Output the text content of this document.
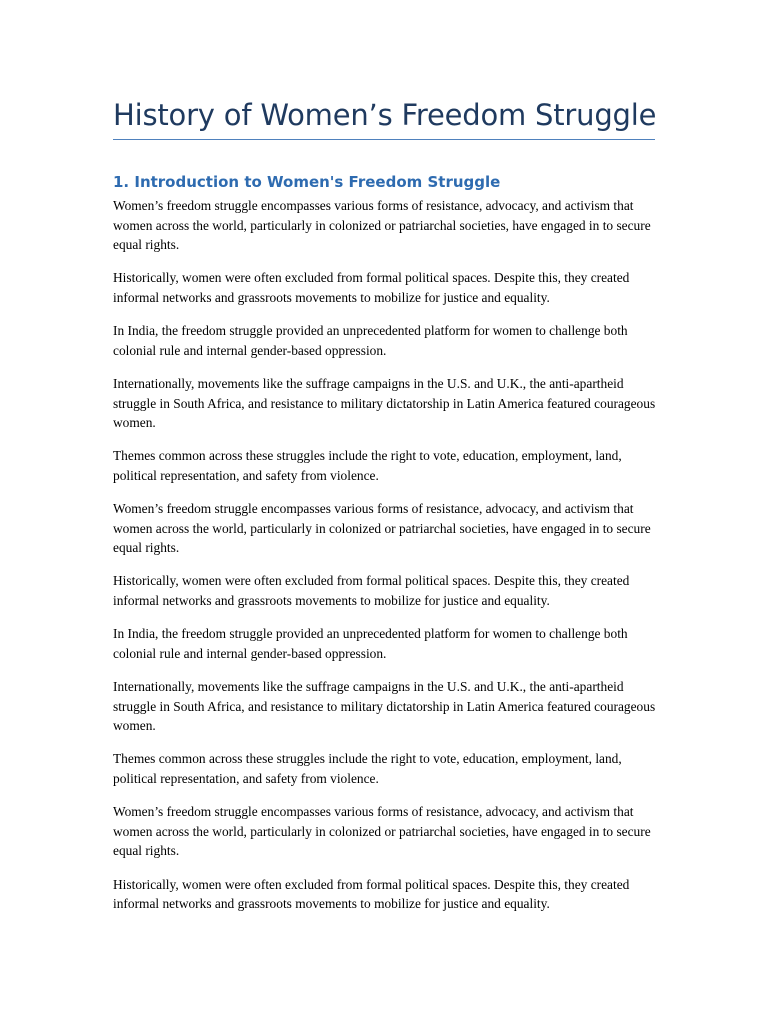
History of Women’s Freedom Struggle
1. Introduction to Women's Freedom Struggle

Women’s freedom struggle encompasses various forms of resistance, advocacy, and activism that women across the world, particularly in colonized or patriarchal societies, have engaged in to secure equal rights.

Historically, women were often excluded from formal political spaces. Despite this, they created informal networks and grassroots movements to mobilize for justice and equality.

In India, the freedom struggle provided an unprecedented platform for women to challenge both colonial rule and internal gender-based oppression.

Internationally, movements like the suffrage campaigns in the U.S. and U.K., the anti-apartheid struggle in South Africa, and resistance to military dictatorship in Latin America featured courageous women.

Themes common across these struggles include the right to vote, education, employment, land, political representation, and safety from violence.

Women’s freedom struggle encompasses various forms of resistance, advocacy, and activism that women across the world, particularly in colonized or patriarchal societies, have engaged in to secure equal rights.

Historically, women were often excluded from formal political spaces. Despite this, they created informal networks and grassroots movements to mobilize for justice and equality.

In India, the freedom struggle provided an unprecedented platform for women to challenge both colonial rule and internal gender-based oppression.

Internationally, movements like the suffrage campaigns in the U.S. and U.K., the anti-apartheid struggle in South Africa, and resistance to military dictatorship in Latin America featured courageous women.

Themes common across these struggles include the right to vote, education, employment, land, political representation, and safety from violence.

Women’s freedom struggle encompasses various forms of resistance, advocacy, and activism that women across the world, particularly in colonized or patriarchal societies, have engaged in to secure equal rights.

Historically, women were often excluded from formal political spaces. Despite this, they created informal networks and grassroots movements to mobilize for justice and equality.
